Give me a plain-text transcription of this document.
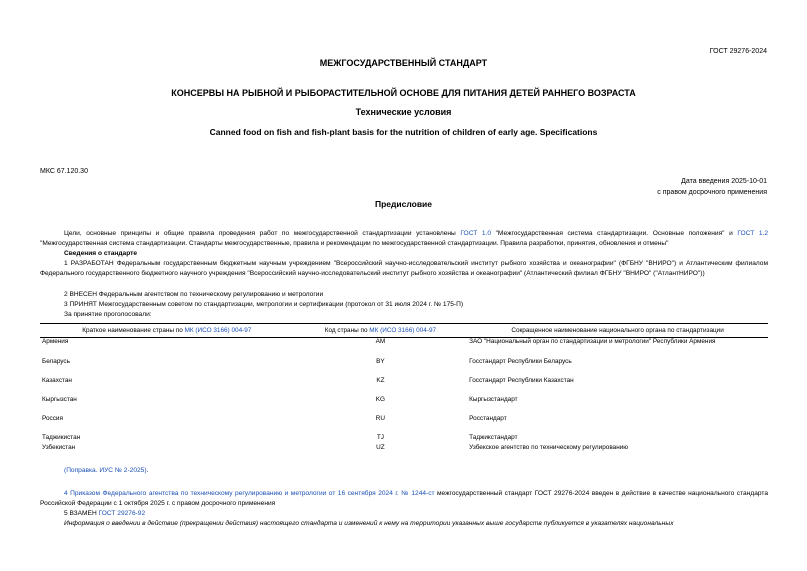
ГОСТ 29276-2024
МЕЖГОСУДАРСТВЕННЫЙ СТАНДАРТ
КОНСЕРВЫ НА РЫБНОЙ И РЫБОРАСТИТЕЛЬНОЙ ОСНОВЕ ДЛЯ ПИТАНИЯ ДЕТЕЙ РАННЕГО ВОЗРАСТА
Технические условия
Canned food on fish and fish-plant basis for the nutrition of children of early age. Specifications
МКС 67.120.30
Дата введения 2025-10-01
с правом досрочного применения
Предисловие
Цели, основные принципы и общие правила проведения работ по межгосударственной стандартизации установлены ГОСТ 1.0 "Межгосударственная система стандартизации. Основные положения" и ГОСТ 1.2 "Межгосударственная система стандартизации. Стандарты межгосударственные, правила и рекомендации по межгосударственной стандартизации. Правила разработки, принятия, обновления и отмены"
Сведения о стандарте
1 РАЗРАБОТАН Федеральным государственным бюджетным научным учреждением "Всероссийский научно-исследовательский институт рыбного хозяйства и океанографии" (ФГБНУ "ВНИРО") и Атлантическим филиалом Федерального государственного бюджетного научного учреждения "Всероссийский научно-исследовательский институт рыбного хозяйства и океанографии" (Атлантический филиал ФГБНУ "ВНИРО" ("АтлантНИРО"))
2 ВНЕСЕН Федеральным агентством по техническому регулированию и метрологии
3 ПРИНЯТ Межгосударственным советом по стандартизации, метрологии и сертификации (протокол от 31 июля 2024 г. № 175-П)
За принятие проголосовали:
Краткое наименование страны по МК (ИСО 3166) 004-97	Код страны по МК (ИСО 3166) 004-97	Сокращенное наименование национального органа по стандартизации
Армения	AM	ЗАО "Национальный орган по стандартизации и метрологии" Республики Армения
Беларусь	BY	Госстандарт Республики Беларусь
Казахстан	KZ	Госстандарт Республики Казахстан
Кыргызстан	KG	Кыргызстандарт
Россия	RU	Росстандарт
Таджикистан	TJ	Таджикстандарт
Узбекистан	UZ	Узбекское агентство по техническому регулированию
(Поправка. ИУС № 2-2025).
4 Приказом Федерального агентства по техническому регулированию и метрологии от 16 сентября 2024 г. № 1244-ст межгосударственный стандарт ГОСТ 29276-2024 введен в действие в качестве национального стандарта Российской Федерации с 1 октября 2025 г. с правом досрочного применения
5 ВЗАМЕН ГОСТ 29276-92
Информация о введении в действие (прекращении действия) настоящего стандарта и изменений к нему на территории указанных выше государств публикуется в указателях национальных
